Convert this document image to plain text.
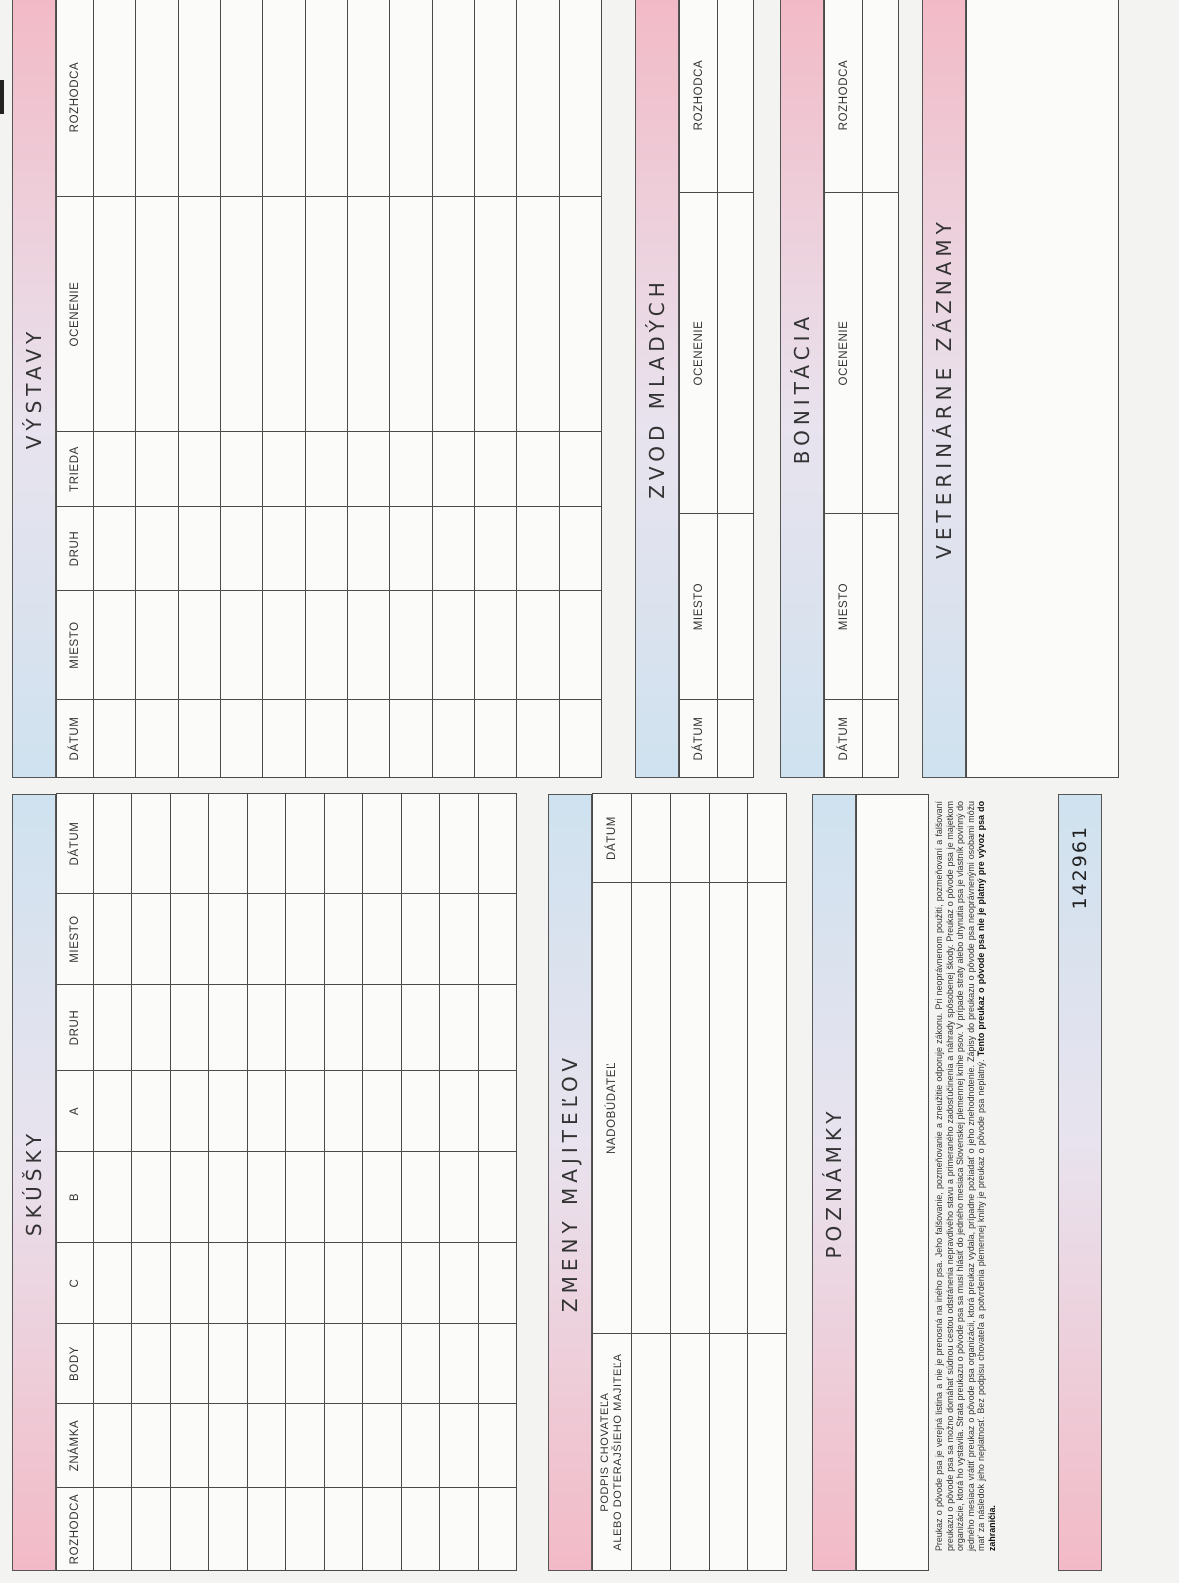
VÝSTAVY
DÁTUM	MIESTO	DRUH	TRIEDA	OCENENIE	ROZHODCA

ZVOD MLADÝCH
DÁTUM	MIESTO	OCENENIE	ROZHODCA

BONITÁCIA
DÁTUM	MIESTO	OCENENIE	ROZHODCA

VETERINÁRNE ZÁZNAMY
SKÚŠKY
ROZHODCA	ZNÁMKA	BODY	C	B	A	DRUH	MIESTO	DÁTUM

ZMENY MAJITEĽOV
PODPIS CHOVATEĽA
ALEBO DOTERAJŠIEHO MAJITEĽA	NADOBÚDATEĽ	DÁTUM

POZNÁMKY	Preukaz o pôvode psa je verejná listina a nie je prenosná na iného psa. Jeho falšovanie, pozmeňovanie a zneužitie odporuje zákonu. Pri neoprávnenom použití, pozmeňovaní a falšovaní preukazu o pôvode psa sa možno domáhať súdnou cestou odstránenia nepravdivého stavu a primeraného zadosťučinenia a náhrady spôsobenej škody. Preukaz o pôvode psa je majetkom organizácie, ktorá ho vystavila. Strata preukazu o pôvode psa sa musí hlásiť do jedného mesiaca Slovenskej plemennej knihe psov. V prípade straty alebo uhynutia psa je vlastník povinný do jedného mesiaca vrátiť preukaz o pôvode psa organizácii, ktorá preukaz vydala, prípadne požiadať o jeho znehodnotenie. Zápisy do preukazu o pôvode psa neoprávnenými osobami môžu mať za následok jeho neplatnosť. Bez podpisu chovateľa a potvrdenia plemennej knihy je preukaz o pôvode psa neplatný. Tento preukaz o pôvode psa nie je platný pre vývoz psa do zahraničia.
142961
